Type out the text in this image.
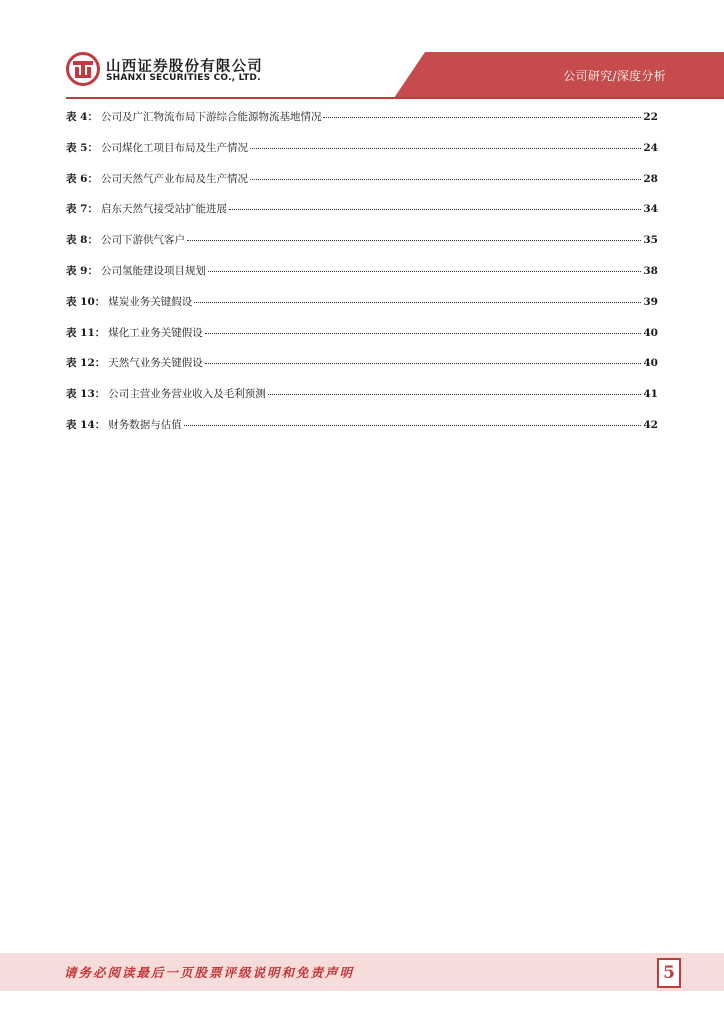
山西证券股份有限公司
SHANXI SECURITIES CO., LTD.	公司研究/深度分析
表 4： 公司及广汇物流布局下游综合能源物流基地情况	22
表 5： 公司煤化工项目布局及生产情况	24
表 6： 公司天然气产业布局及生产情况	28
表 7： 启东天然气接受站扩能进展	34
表 8： 公司下游供气客户	35
表 9： 公司氢能建设项目规划	38
表 10： 煤炭业务关键假设	39
表 11： 煤化工业务关键假设	40
表 12： 天然气业务关键假设	40
表 13： 公司主营业务营业收入及毛利预测	41
表 14： 财务数据与估值	42
请务必阅读最后一页股票评级说明和免责声明	5
